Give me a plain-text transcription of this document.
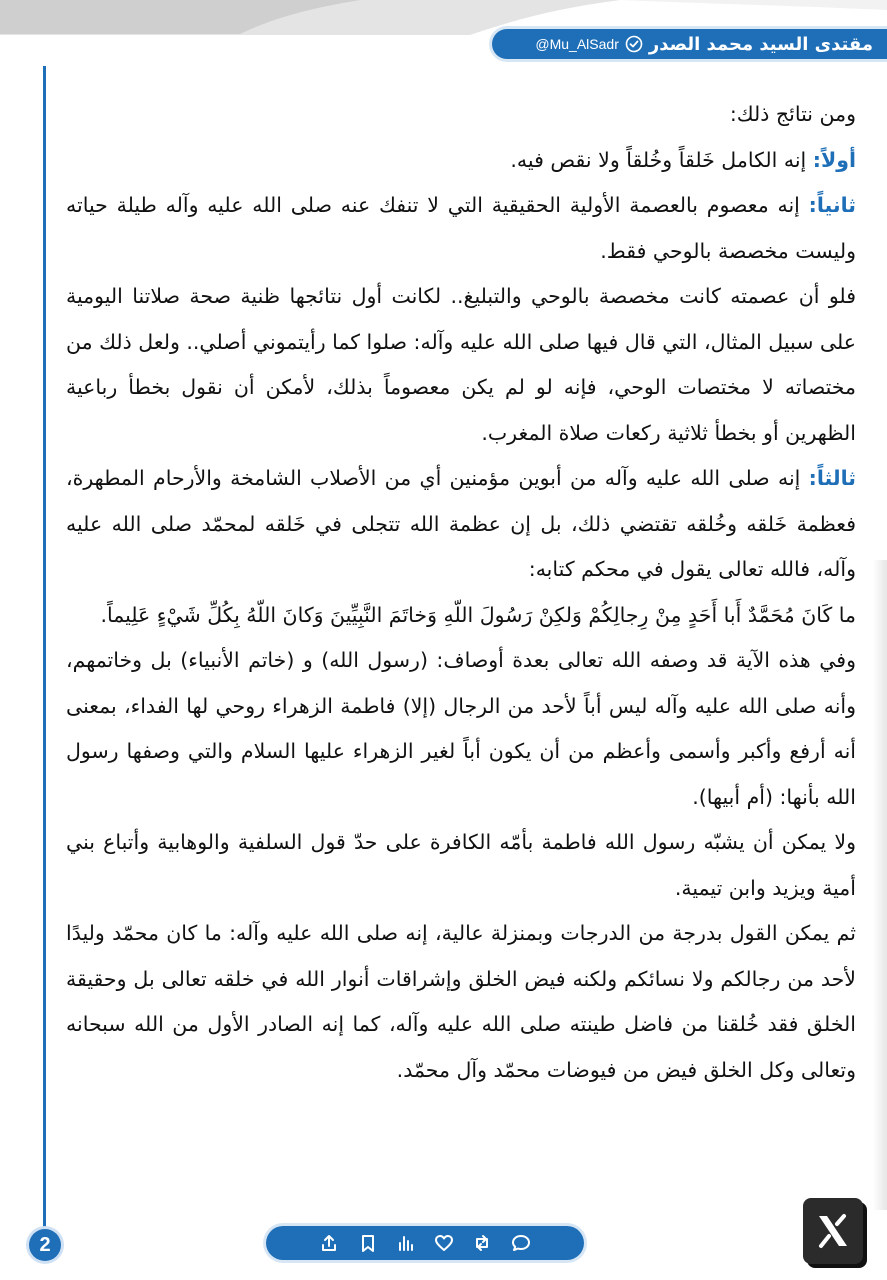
مقتدى السيد محمد الصدر
@Mu_AlSadr

ومن نتائج ذلك:

أولاً: إنه الكامل خَلقاً وخُلقاً ولا نقص فيه.

ثانياً: إنه معصوم بالعصمة الأولية الحقيقية التي لا تنفك عنه صلى الله عليه وآله طيلة حياته وليست مخصصة بالوحي فقط.

فلو أن عصمته كانت مخصصة بالوحي والتبليغ.. لكانت أول نتائجها ظنية صحة صلاتنا اليومية على سبيل المثال، التي قال فيها صلى الله عليه وآله: صلوا كما رأيتموني أصلي.. ولعل ذلك من مختصاته لا مختصات الوحي، فإنه لو لم يكن معصوماً بذلك، لأمكن أن نقول بخطأ رباعية الظهرين أو بخطأ ثلاثية ركعات صلاة المغرب.

ثالثاً: إنه صلى الله عليه وآله من أبوين مؤمنين أي من الأصلاب الشامخة والأرحام المطهرة، فعظمة خَلقه وخُلقه تقتضي ذلك، بل إن عظمة الله تتجلى في خَلقه لمحمّد صلى الله عليه وآله، فالله تعالى يقول في محكم كتابه:

ما كَانَ مُحَمَّدٌ أَبا أَحَدٍ مِنْ رِجالِكُمْ وَلكِنْ رَسُولَ اللّهِ وَخاتَمَ النَّبِيِّينَ وَكانَ اللّهُ بِكُلِّ شَيْءٍ عَلِيماً.

وفي هذه الآية قد وصفه الله تعالى بعدة أوصاف: (رسول الله) و (خاتم الأنبياء) بل وخاتمهم، وأنه صلى الله عليه وآله ليس أباً لأحد من الرجال (إلا) فاطمة الزهراء روحي لها الفداء، بمعنى أنه أرفع وأكبر وأسمى وأعظم من أن يكون أباً لغير الزهراء عليها السلام والتي وصفها رسول الله بأنها: (أم أبيها).

ولا يمكن أن يشبّه رسول الله فاطمة بأمّه الكافرة على حدّ قول السلفية والوهابية وأتباع بني أمية ويزيد وابن تيمية.

ثم يمكن القول بدرجة من الدرجات وبمنزلة عالية، إنه صلى الله عليه وآله: ما كان محمّد وليدًا لأحد من رجالكم ولا نسائكم ولكنه فيض الخلق وإشراقات أنوار الله في خلقه تعالى بل وحقيقة الخلق فقد خُلقنا من فاضل طينته صلى الله عليه وآله، كما إنه الصادر الأول من الله سبحانه وتعالى وكل الخلق فيض من فيوضات محمّد وآل محمّد.

2
